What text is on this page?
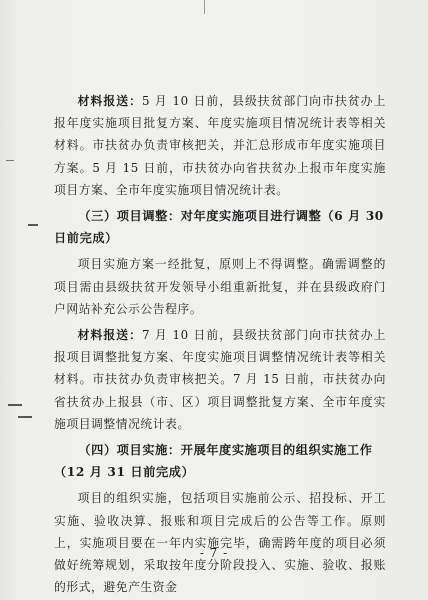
材料报送：5 月 10 日前，县级扶贫部门向市扶贫办上报年度实施项目批复方案、年度实施项目情况统计表等相关材料。市扶贫办负责审核把关，并汇总形成市年度实施项目方案。5 月 15 日前，市扶贫办向省扶贫办上报市年度实施项目方案、全市年度实施项目情况统计表。

（三）项目调整：对年度实施项目进行调整（6 月 30 日前完成）

项目实施方案一经批复，原则上不得调整。确需调整的项目需由县级扶贫开发领导小组重新批复，并在县级政府门户网站补充公示公告程序。

材料报送：7 月 10 日前，县级扶贫部门向市扶贫办上报项目调整批复方案、年度实施项目调整情况统计表等相关材料。市扶贫办负责审核把关。7 月 15 日前，市扶贫办向省扶贫办上报县（市、区）项目调整批复方案、全市年度实施项目调整情况统计表。

（四）项目实施：开展年度实施项目的组织实施工作（12 月 31 日前完成）

项目的组织实施，包括项目实施前公示、招投标、开工实施、验收决算、报账和项目完成后的公告等工作。原则上，实施项目要在一年内实施完毕，确需跨年度的项目必须做好统筹规划，采取按年度分阶段投入、实施、验收、报账的形式，避免产生资金

- 7 -
